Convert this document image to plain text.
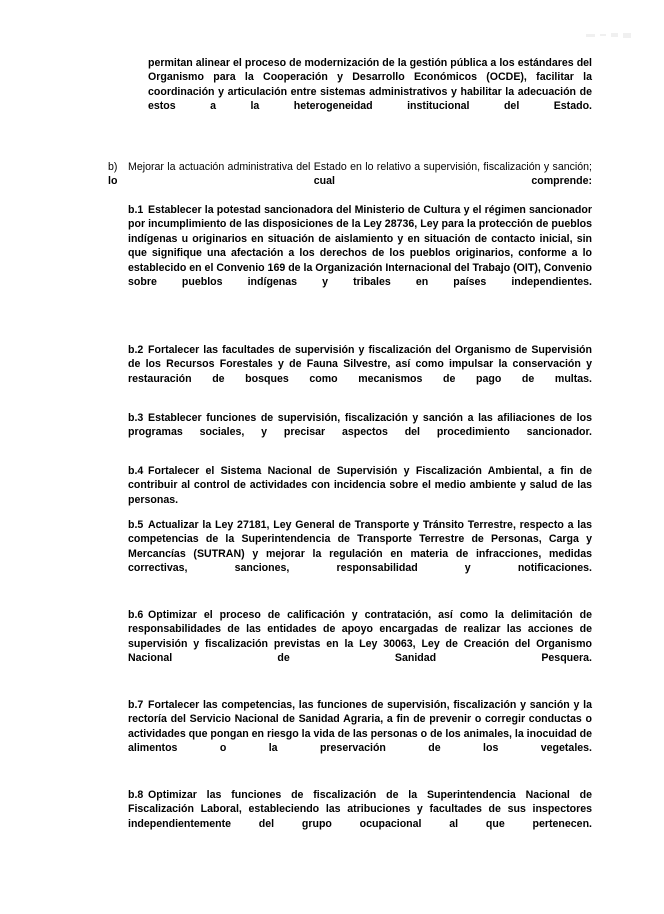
permitan alinear el proceso de modernización de la gestión pública a los estándares del Organismo para la Cooperación y Desarrollo Económicos (OCDE), facilitar la coordinación y articulación entre sistemas administrativos y habilitar la adecuación de estos a la heterogeneidad institucional del Estado.
b) Mejorar la actuación administrativa del Estado en lo relativo a supervisión, fiscalización y sanción; lo cual comprende:
b.1 Establecer la potestad sancionadora del Ministerio de Cultura y el régimen sancionador por incumplimiento de las disposiciones de la Ley 28736, Ley para la protección de pueblos indígenas u originarios en situación de aislamiento y en situación de contacto inicial, sin que signifique una afectación a los derechos de los pueblos originarios, conforme a lo establecido en el Convenio 169 de la Organización Internacional del Trabajo (OIT), Convenio sobre pueblos indígenas y tribales en países independientes.
b.2 Fortalecer las facultades de supervisión y fiscalización del Organismo de Supervisión de los Recursos Forestales y de Fauna Silvestre, así como impulsar la conservación y restauración de bosques como mecanismos de pago de multas.
b.3 Establecer funciones de supervisión, fiscalización y sanción a las afiliaciones de los programas sociales, y precisar aspectos del procedimiento sancionador.
b.4 Fortalecer el Sistema Nacional de Supervisión y Fiscalización Ambiental, a fin de contribuir al control de actividades con incidencia sobre el medio ambiente y salud de las personas.
b.5 Actualizar la Ley 27181, Ley General de Transporte y Tránsito Terrestre, respecto a las competencias de la Superintendencia de Transporte Terrestre de Personas, Carga y Mercancías (SUTRAN) y mejorar la regulación en materia de infracciones, medidas correctivas, sanciones, responsabilidad y notificaciones.
b.6 Optimizar el proceso de calificación y contratación, así como la delimitación de responsabilidades de las entidades de apoyo encargadas de realizar las acciones de supervisión y fiscalización previstas en la Ley 30063, Ley de Creación del Organismo Nacional de Sanidad Pesquera.
b.7 Fortalecer las competencias, las funciones de supervisión, fiscalización y sanción y la rectoría del Servicio Nacional de Sanidad Agraria, a fin de prevenir o corregir conductas o actividades que pongan en riesgo la vida de las personas o de los animales, la inocuidad de alimentos o la preservación de los vegetales.
b.8 Optimizar las funciones de fiscalización de la Superintendencia Nacional de Fiscalización Laboral, estableciendo las atribuciones y facultades de sus inspectores independientemente del grupo ocupacional al que pertenecen.
